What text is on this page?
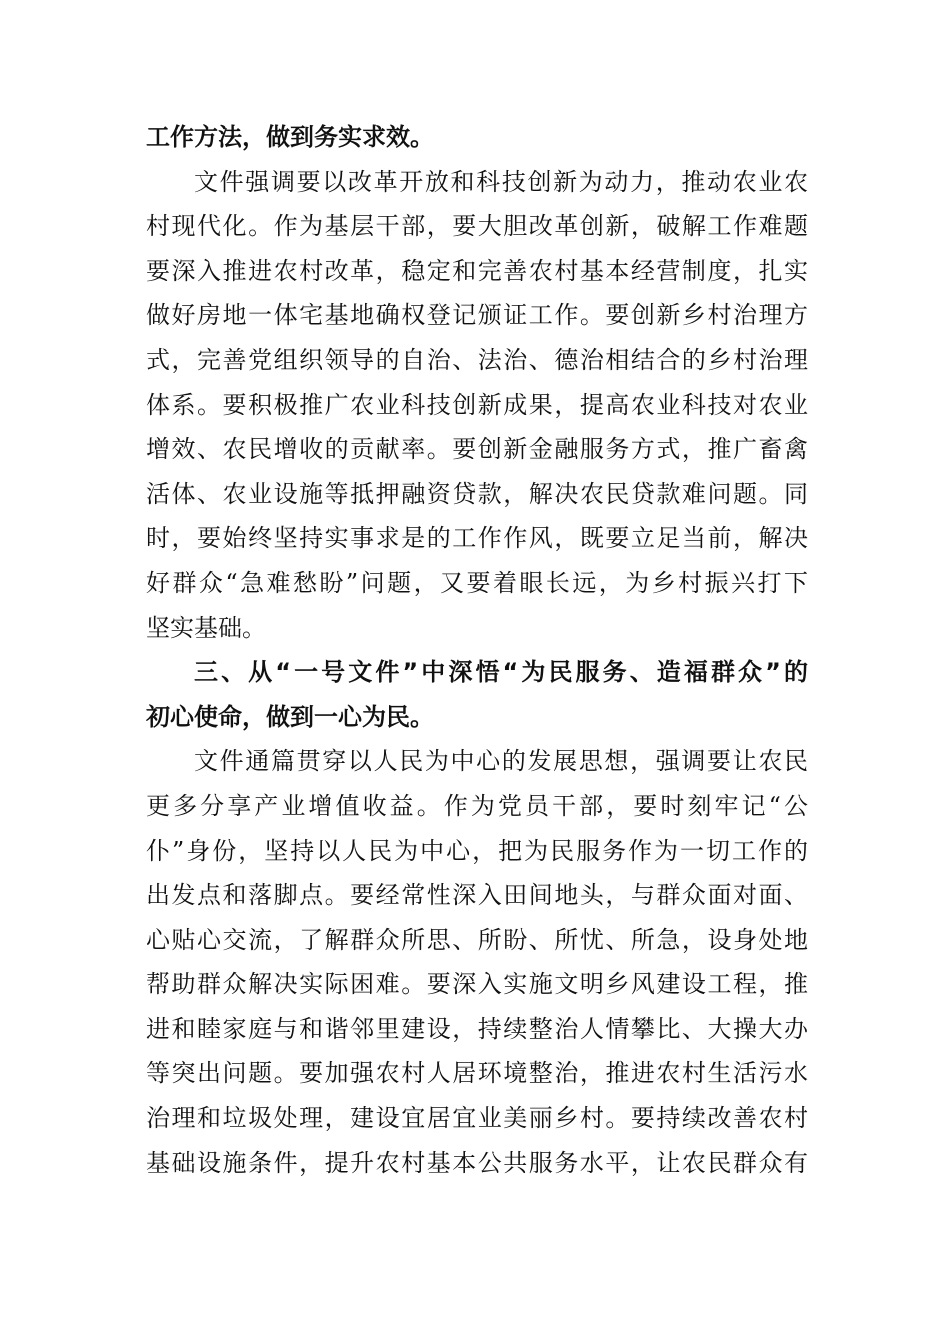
工作方法，做到务实求效。
文件强调要以改革开放和科技创新为动力，推动农业农
村现代化。作为基层干部，要大胆改革创新，破解工作难题
要深入推进农村改革，稳定和完善农村基本经营制度，扎实
做好房地一体宅基地确权登记颁证工作。要创新乡村治理方
式，完善党组织领导的自治、法治、德治相结合的乡村治理
体系。要积极推广农业科技创新成果，提高农业科技对农业
增效、农民增收的贡献率。要创新金融服务方式，推广畜禽
活体、农业设施等抵押融资贷款，解决农民贷款难问题。同
时，要始终坚持实事求是的工作作风，既要立足当前，解决
好群众“急难愁盼”问题，又要着眼长远，为乡村振兴打下
坚实基础。
三、从“一号文件”中深悟“为民服务、造福群众”的
初心使命，做到一心为民。
文件通篇贯穿以人民为中心的发展思想，强调要让农民
更多分享产业增值收益。作为党员干部，要时刻牢记“公
仆”身份，坚持以人民为中心，把为民服务作为一切工作的
出发点和落脚点。要经常性深入田间地头，与群众面对面、
心贴心交流，了解群众所思、所盼、所忧、所急，设身处地
帮助群众解决实际困难。要深入实施文明乡风建设工程，推
进和睦家庭与和谐邻里建设，持续整治人情攀比、大操大办
等突出问题。要加强农村人居环境整治，推进农村生活污水
治理和垃圾处理，建设宜居宜业美丽乡村。要持续改善农村
基础设施条件，提升农村基本公共服务水平，让农民群众有
